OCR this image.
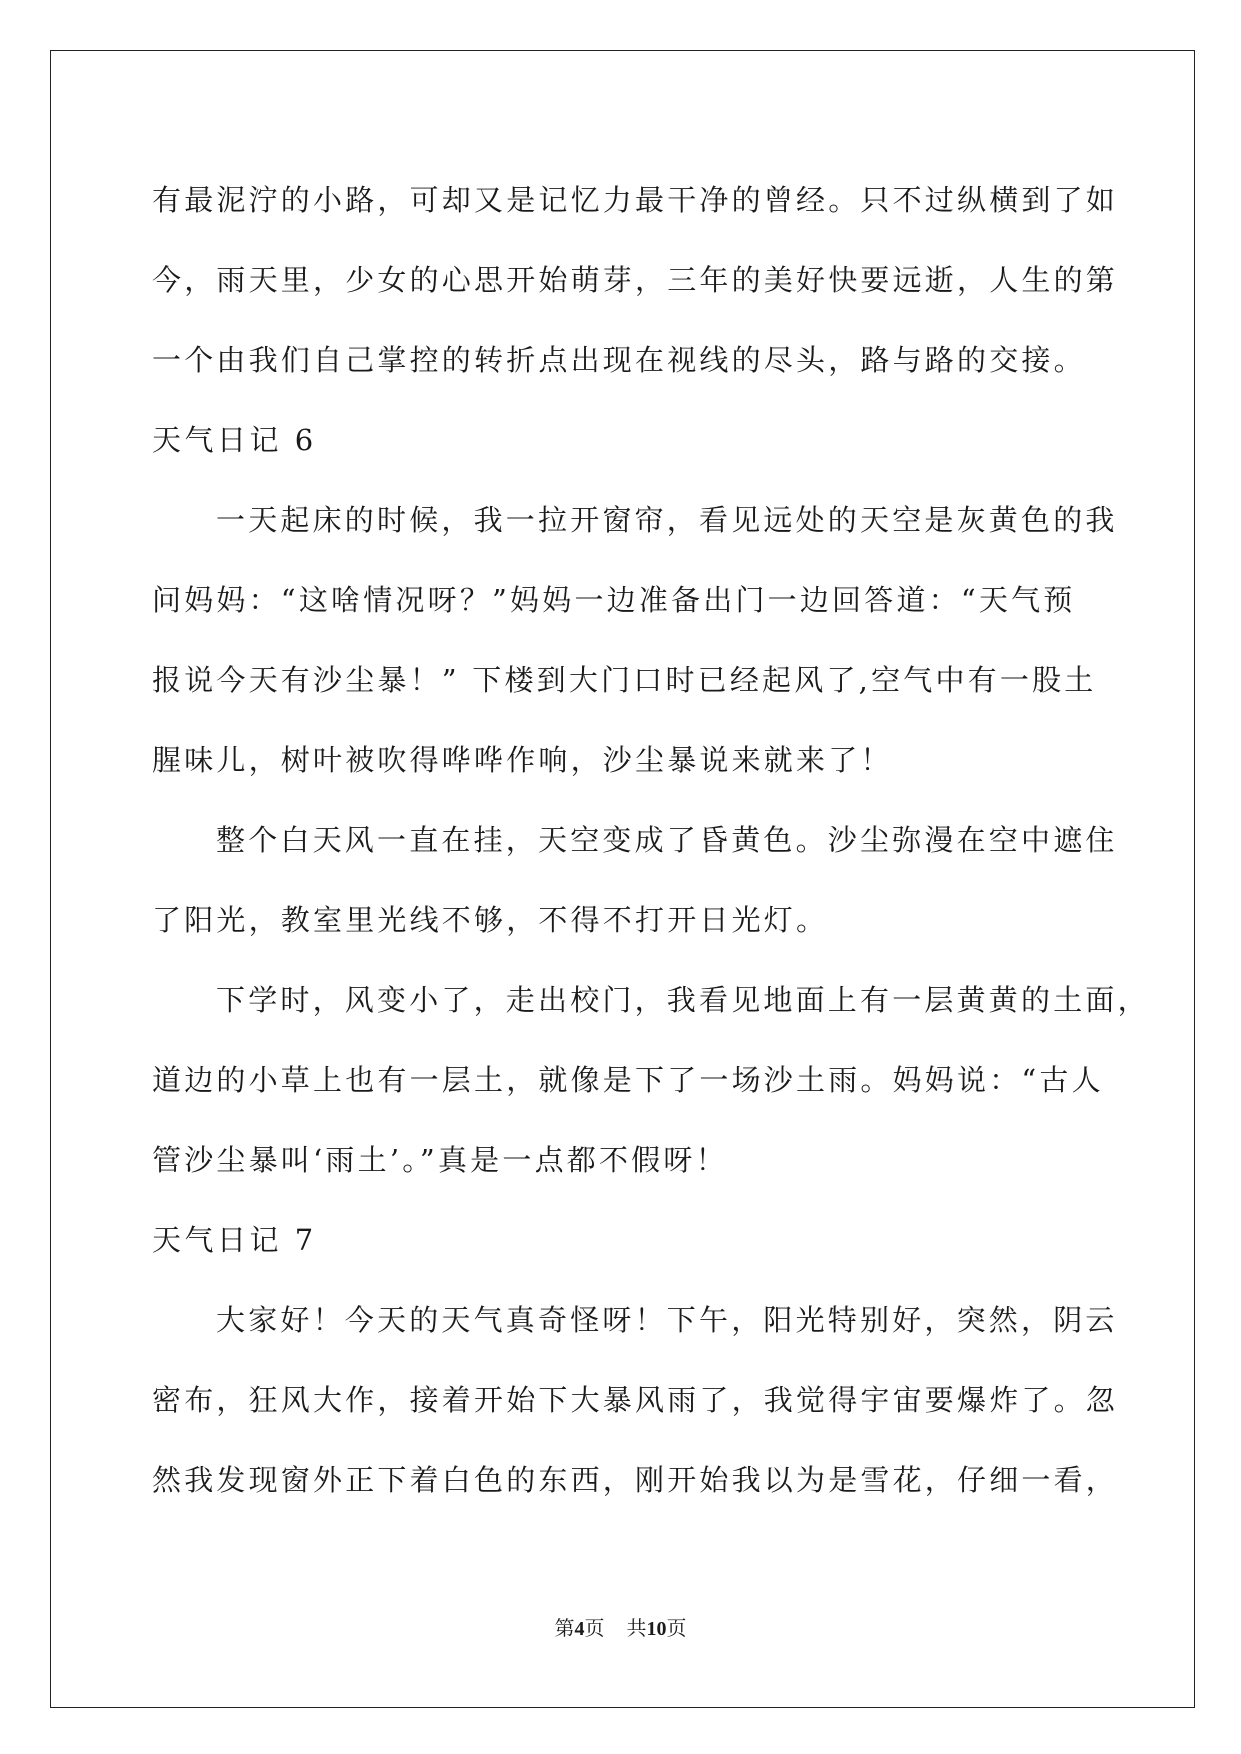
有最泥泞的小路，可却又是记忆力最干净的曾经。只不过纵横到了如
今，雨天里，少女的心思开始萌芽，三年的美好快要远逝，人生的第
一个由我们自己掌控的转折点出现在视线的尽头，路与路的交接。
天气日记 6
一天起床的时候，我一拉开窗帘，看见远处的天空是灰黄色的我
问妈妈：“这啥情况呀？”妈妈一边准备出门一边回答道：“天气预
报说今天有沙尘暴！” 下楼到大门口时已经起风了,空气中有一股土
腥味儿，树叶被吹得哗哗作响，沙尘暴说来就来了！
整个白天风一直在挂，天空变成了昏黄色。沙尘弥漫在空中遮住
了阳光，教室里光线不够，不得不打开日光灯。
下学时，风变小了，走出校门，我看见地面上有一层黄黄的土面，
道边的小草上也有一层土，就像是下了一场沙土雨。妈妈说：“古人
管沙尘暴叫‘雨土’。”真是一点都不假呀！
天气日记 7
大家好！今天的天气真奇怪呀！下午，阳光特别好，突然，阴云
密布，狂风大作，接着开始下大暴风雨了，我觉得宇宙要爆炸了。忽
然我发现窗外正下着白色的东西，刚开始我以为是雪花，仔细一看，
第4页 共10页
